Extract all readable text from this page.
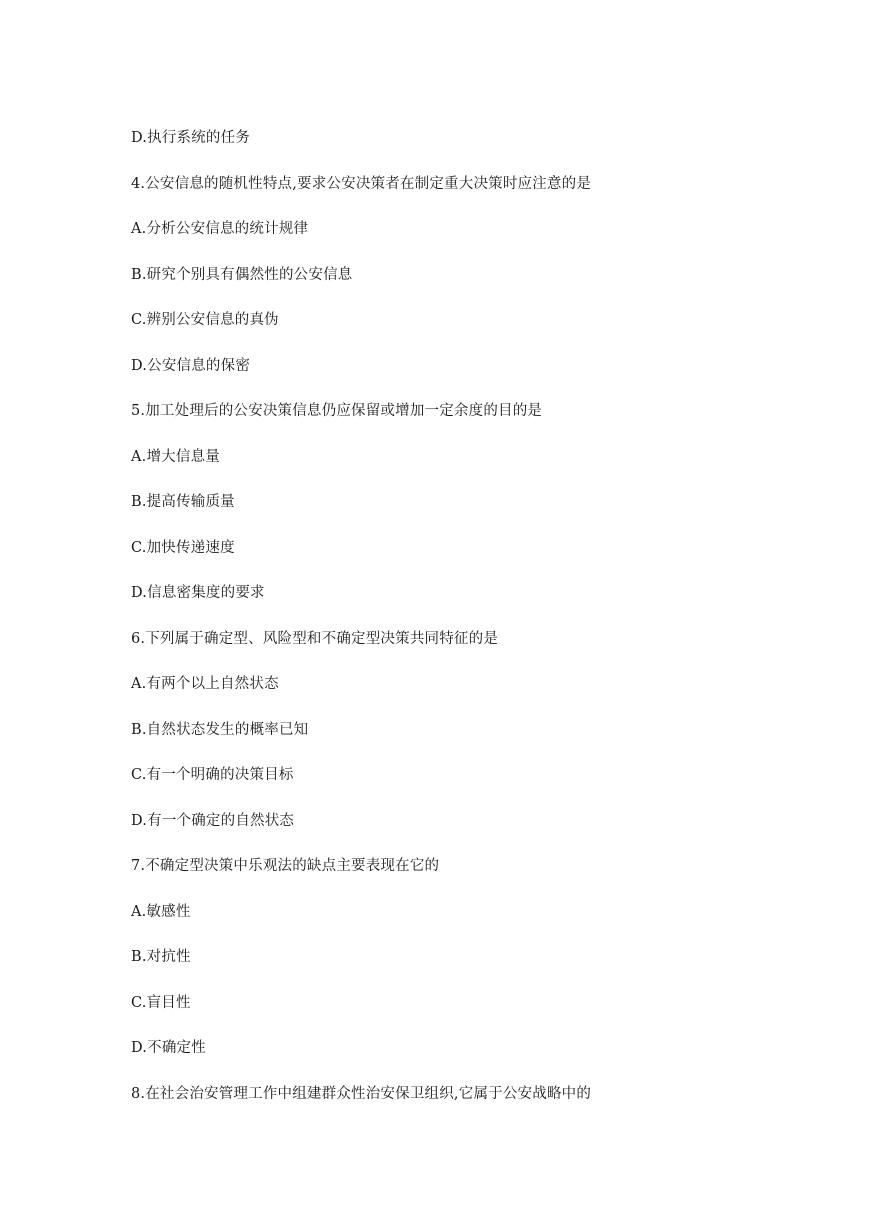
D.执行系统的任务
4.公安信息的随机性特点,要求公安决策者在制定重大决策时应注意的是
A.分析公安信息的统计规律
B.研究个别具有偶然性的公安信息
C.辨别公安信息的真伪
D.公安信息的保密
5.加工处理后的公安决策信息仍应保留或增加一定余度的目的是
A.增大信息量
B.提高传输质量
C.加快传递速度
D.信息密集度的要求
6.下列属于确定型、风险型和不确定型决策共同特征的是
A.有两个以上自然状态
B.自然状态发生的概率已知
C.有一个明确的决策目标
D.有一个确定的自然状态
7.不确定型决策中乐观法的缺点主要表现在它的
A.敏感性
B.对抗性
C.盲目性
D.不确定性
8.在社会治安管理工作中组建群众性治安保卫组织,它属于公安战略中的
